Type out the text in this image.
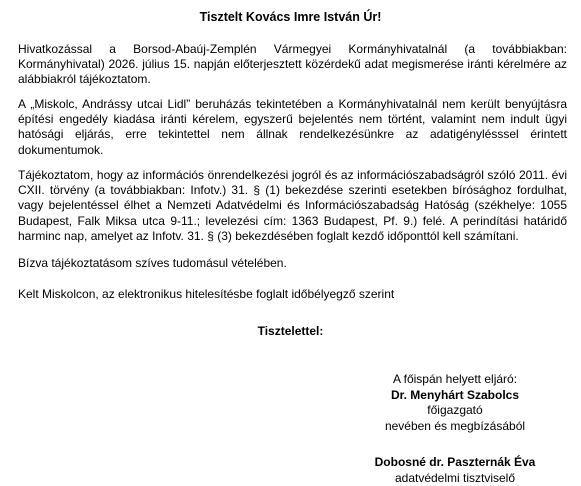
Tisztelt Kovács Imre István Úr!

Hivatkozással a Borsod-Abaúj-Zemplén Vármegyei Kormányhivatalnál (a továbbiakban: Kormányhivatal) 2026. július 15. napján előterjesztett közérdekű adat megismerése iránti kérelmére az alábbiakról tájékoztatom.

A „Miskolc, Andrássy utcai Lidl” beruházás tekintetében a Kormányhivatalnál nem került benyújtásra építési engedély kiadása iránti kérelem, egyszerű bejelentés nem történt, valamint nem indult ügyi hatósági eljárás, erre tekintettel nem állnak rendelkezésünkre az adatigénylésssel érintett dokumentumok.

Tájékoztatom, hogy az információs önrendelkezési jogról és az információszabadságról szóló 2011. évi CXII. törvény (a továbbiakban: Infotv.) 31. § (1) bekezdése szerinti esetekben bírósághoz fordulhat, vagy bejelentéssel élhet a Nemzeti Adatvédelmi és Információszabadság Hatóság (székhelye: 1055 Budapest, Falk Miksa utca 9-11.; levelezési cím: 1363 Budapest, Pf. 9.) felé. A perindítási határidő harminc nap, amelyet az Infotv. 31. § (3) bekezdésében foglalt kezdő időponttól kell számítani.

Bízva tájékoztatásom szíves tudomásul vételében.

Kelt Miskolcon, az elektronikus hitelesítésbe foglalt időbélyegző szerint

Tisztelettel:
A főispán helyett eljáró:
Dr. Menyhárt Szabolcs
főigazgató
nevében és megbízásából
Dobosné dr. Paszternák Éva
adatvédelmi tisztviselő
